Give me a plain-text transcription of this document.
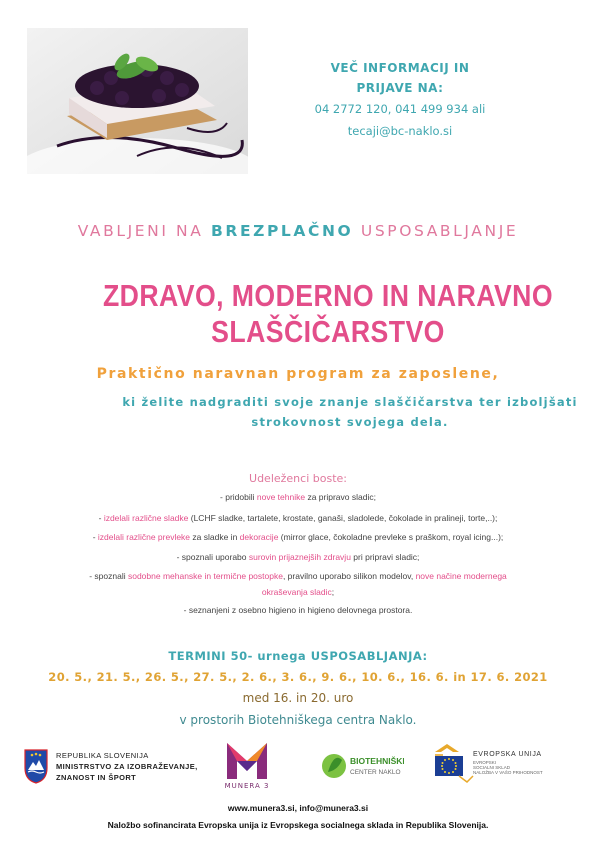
VEČ INFORMACIJ IN
PRIJAVE NA:
04 2772 120, 041 499 934 ali
tecaji@bc-naklo.si
VABLJENI NA BREZPLAČNO USPOSABLJANJE
ZDRAVO, MODERNO IN NARAVNO
SLAŠČIČARSTVO
Praktično naravnan program za zaposlene,
ki želite nadgraditi svoje znanje slaščičarstva ter izboljšati
strokovnost svojega dela.
Udeleženci boste:
- pridobili nove tehnike za pripravo sladic;
- izdelali različne sladke (LCHF sladke, tartalete, krostate, ganaši, sladolede, čokolade in pralineji, torte,..);
- izdelali različne prevleke za sladke in dekoracije (mirror glace, čokoladne prevleke s praškom, royal icing...);
- spoznali uporabo surovin prijaznejših zdravju pri pripravi sladic;
- spoznali sodobne mehanske in termične postopke, pravilno uporabo silikon modelov, nove načine modernega
okraševanja sladic;
- seznanjeni z osebno higieno in higieno delovnega prostora.
TERMINI 50- urnega USPOSABLJANJA:
20. 5., 21. 5., 26. 5., 27. 5., 2. 6., 3. 6., 9. 6., 10. 6., 16. 6. in 17. 6. 2021
med 16. in 20. uro
v prostorih Biotehniškega centra Naklo.
REPUBLIKA SLOVENIJA
MINISTRSTVO ZA IZOBRAŽEVANJE,
ZNANOST IN ŠPORT
MUNERA 3
BIOTEHNIŠKI
CENTER NAKLO
EVROPSKA UNIJA
EVROPSKI
SOCIALNI SKLAD
NALOŽBA V VAŠO PRIHODNOST
www.munera3.si, info@munera3.si
Naložbo sofinancirata Evropska unija iz Evropskega socialnega sklada in Republika Slovenija.
